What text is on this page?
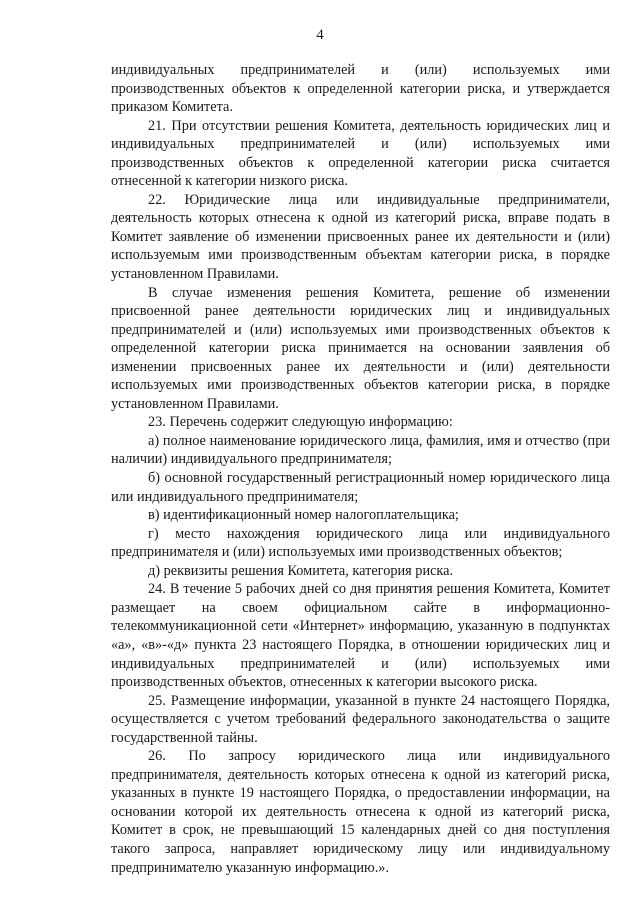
4

индивидуальных предпринимателей и (или) используемых ими производственных объектов к определенной категории риска, и утверждается приказом Комитета.

21. При отсутствии решения Комитета, деятельность юридических лиц и индивидуальных предпринимателей и (или) используемых ими производственных объектов к определенной категории риска считается отнесенной к категории низкого риска.

22. Юридические лица или индивидуальные предприниматели, деятельность которых отнесена к одной из категорий риска, вправе подать в Комитет заявление об изменении присвоенных ранее их деятельности и (или) используемым ими производственным объектам категории риска, в порядке установленном Правилами.

В случае изменения решения Комитета, решение об изменении присвоенной ранее деятельности юридических лиц и индивидуальных предпринимателей и (или) используемых ими производственных объектов к определенной категории риска принимается на основании заявления об изменении присвоенных ранее их деятельности и (или) деятельности используемых ими производственных объектов категории риска, в порядке установленном Правилами.

23. Перечень содержит следующую информацию:

а) полное наименование юридического лица, фамилия, имя и отчество (при наличии) индивидуального предпринимателя;

б) основной государственный регистрационный номер юридического лица или индивидуального предпринимателя;

в) идентификационный номер налогоплательщика;

г) место нахождения юридического лица или индивидуального предпринимателя и (или) используемых ими производственных объектов;

д) реквизиты решения Комитета, категория риска.

24. В течение 5 рабочих дней со дня принятия решения Комитета, Комитет размещает на своем официальном сайте в информационно-телекоммуникационной сети «Интернет» информацию, указанную в подпунктах «а», «в»-«д» пункта 23 настоящего Порядка, в отношении юридических лиц и индивидуальных предпринимателей и (или) используемых ими производственных объектов, отнесенных к категории высокого риска.

25. Размещение информации, указанной в пункте 24 настоящего Порядка, осуществляется с учетом требований федерального законодательства о защите государственной тайны.

26. По запросу юридического лица или индивидуального предпринимателя, деятельность которых отнесена к одной из категорий риска, указанных в пункте 19 настоящего Порядка, о предоставлении информации, на основании которой их деятельность отнесена к одной из категорий риска, Комитет в срок, не превышающий 15 календарных дней со дня поступления такого запроса, направляет юридическому лицу или индивидуальному предпринимателю указанную информацию.».
